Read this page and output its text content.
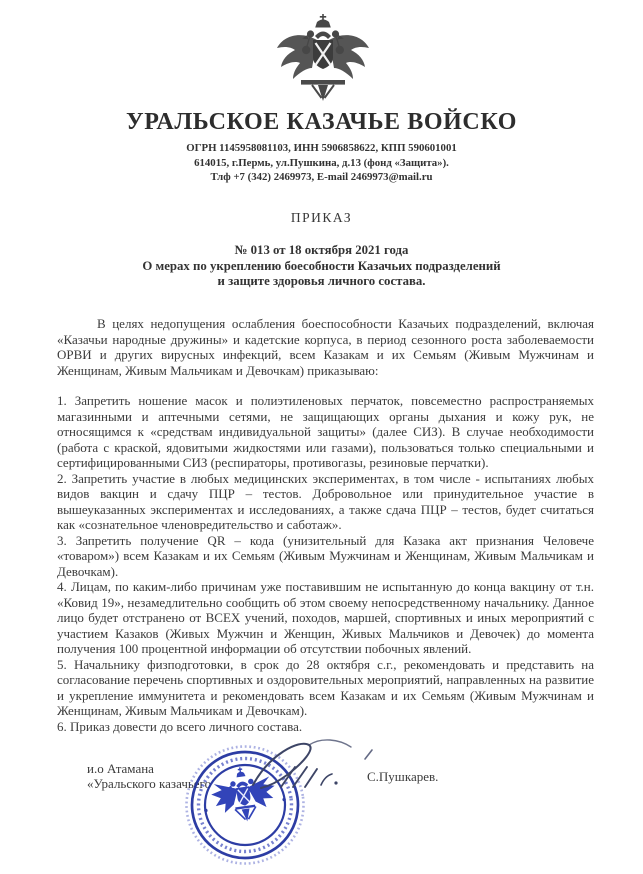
УРАЛЬСКОЕ КАЗАЧЬЕ ВОЙСКО
ОГРН 1145958081103, ИНН 5906858622, КПП 590601001
614015, г.Пермь, ул.Пушкина, д.13 (фонд «Защита»).
Тлф +7 (342) 2469973, E-mail 2469973@mail.ru
ПРИКАЗ
№ 013 от 18 октября 2021 года
О мерах по укреплению боесобности Казачьих подразделений
и защите здоровья личного состава.

В целях недопущения ослабления боеспособности Казачьих подразделений, включая «Казачьи народные дружины» и кадетские корпуса, в период сезонного роста заболеваемости ОРВИ и других вирусных инфекций, всем Казакам и их Семьям (Живым Мужчинам и Женщинам, Живым Мальчикам и Девочкам) приказываю:

1. Запретить ношение масок и полиэтиленовых перчаток, повсеместно распространяемых магазинными и аптечными сетями, не защищающих органы дыхания и кожу рук, не относящимся к «средствам индивидуальной защиты» (далее СИЗ). В случае необходимости (работа с краской, ядовитыми жидкостями или газами), пользоваться только специальными и сертифицированными СИЗ (респираторы, противогазы, резиновые перчатки).

2. Запретить участие в любых медицинских экспериментах, в том числе - испытаниях любых видов вакцин и сдачу ПЦР – тестов. Добровольное или принудительное участие в вышеуказанных экспериментах и исследованиях, а также сдача ПЦР – тестов, будет считаться как «сознательное членовредительство и саботаж».

3. Запретить получение QR – кода (унизительный для Казака акт признания Человече «товаром») всем Казакам и их Семьям (Живым Мужчинам и Женщинам, Живым Мальчикам и Девочкам).

4. Лицам, по каким-либо причинам уже поставившим не испытанную до конца вакцину от т.н. «Ковид 19», незамедлительно сообщить об этом своему непосредственному начальнику. Данное лицо будет отстранено от ВСЕХ учений, походов, маршей, спортивных и иных мероприятий с участием Казаков (Живых Мужчин и Женщин, Живых Мальчиков и Девочек) до момента получения 100 процентной информации об отсутствии побочных явлений.

5. Начальнику физподготовки, в срок до 28 октября с.г., рекомендовать и представить на согласование перечень спортивных и оздоровительных мероприятий, направленных на развитие и укрепление иммунитета и рекомендовать всем Казакам и их Семьям (Живым Мужчинам и Женщинам, Живым Мальчикам и Девочкам).

6. Приказ довести до всего личного состава.

и.о Атамана
«Уральского казачьего	С.Пушкарев.
